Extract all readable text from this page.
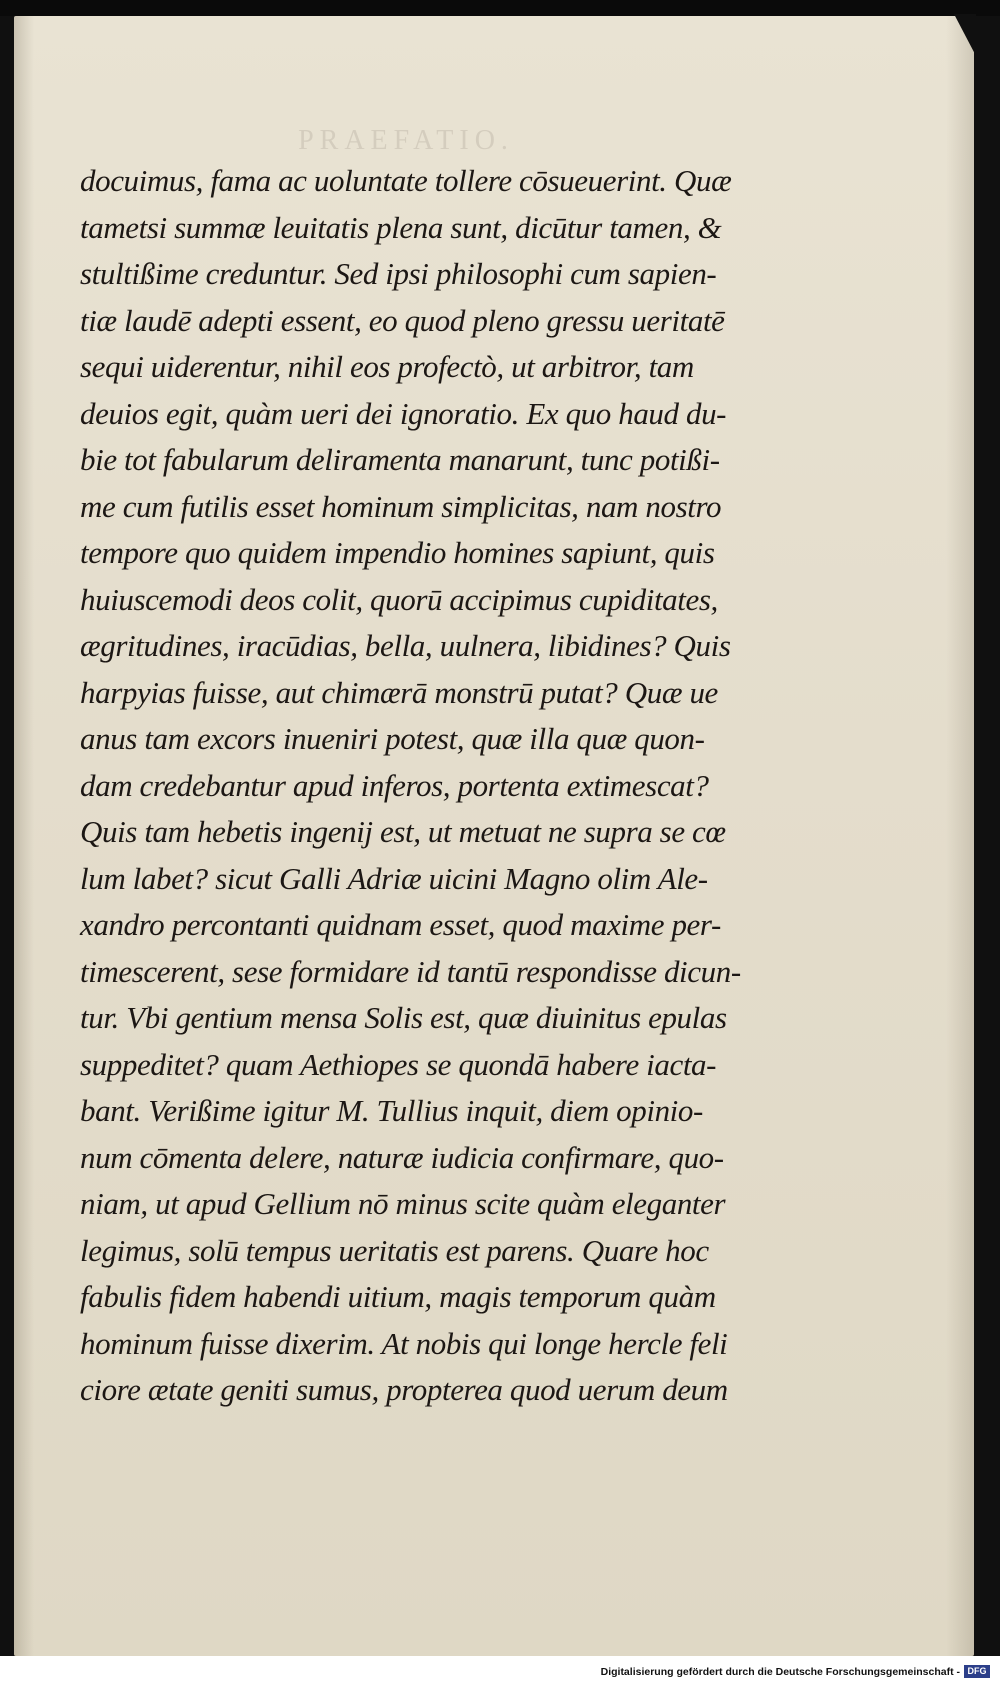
PRAEFATIO.
docuimus, fama ac uoluntate tollere cōsueuerint. Quæ
tametsi summæ leuitatis plena sunt, dicūtur tamen, &
stultißime creduntur. Sed ipsi philosophi cum sapien-
tiæ laudē adepti essent, eo quod pleno gressu ueritatē
sequi uiderentur, nihil eos profectò, ut arbitror, tam
deuios egit, quàm ueri dei ignoratio. Ex quo haud du-
bie tot fabularum deliramenta manarunt, tunc potißi-
me cum futilis esset hominum simplicitas, nam nostro
tempore quo quidem impendio homines sapiunt, quis
huiuscemodi deos colit, quorū accipimus cupiditates,
ægritudines, iracūdias, bella, uulnera, libidines? Quis
harpyias fuisse, aut chimærā monstrū putat? Quæ ue
anus tam excors inueniri potest, quæ illa quæ quon-
dam credebantur apud inferos, portenta extimescat?
Quis tam hebetis ingenij est, ut metuat ne supra se cœ
lum labet? sicut Galli Adriæ uicini Magno olim Ale-
xandro percontanti quidnam esset, quod maxime per-
timescerent, sese formidare id tantū respondisse dicun-
tur. Vbi gentium mensa Solis est, quæ diuinitus epulas
suppeditet? quam Aethiopes se quondā habere iacta-
bant. Verißime igitur M. Tullius inquit, diem opinio-
num cōmenta delere, naturæ iudicia confirmare, quo-
niam, ut apud Gellium nō minus scite quàm eleganter
legimus, solū tempus ueritatis est parens. Quare hoc
fabulis fidem habendi uitium, magis temporum quàm
hominum fuisse dixerim. At nobis qui longe hercle feli
ciore ætate geniti sumus, propterea quod uerum deum
Digitalisierung gefördert durch die Deutsche Forschungsgemeinschaft - DFG
